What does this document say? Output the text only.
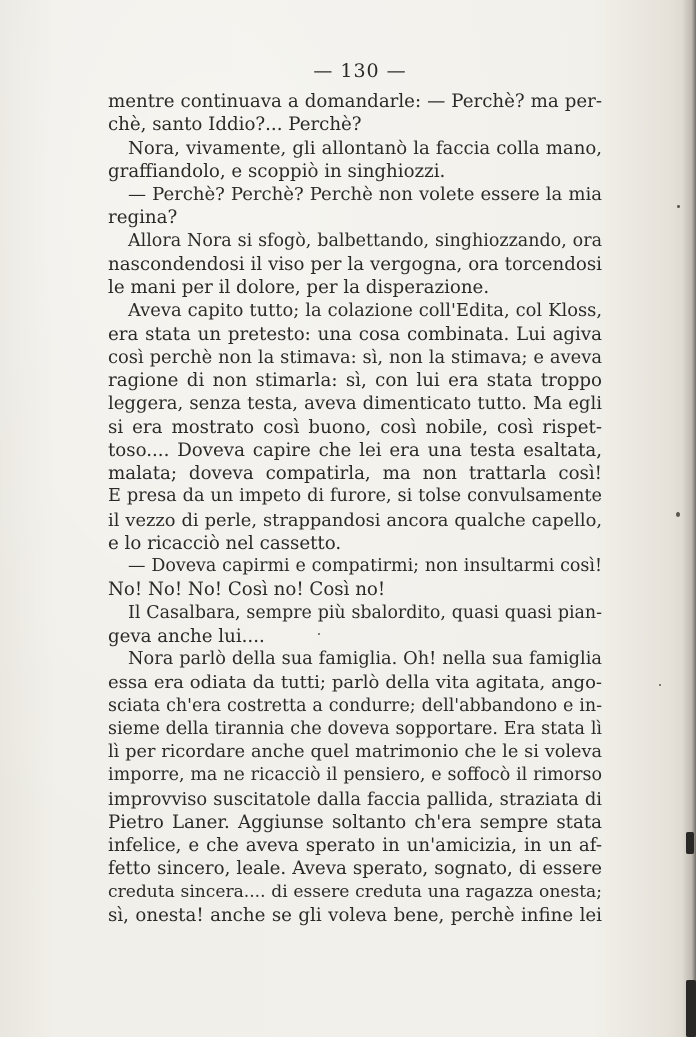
— 130 —
mentre continuava a domandarle: — Perchè? ma per-
chè, santo Iddio?... Perchè?
Nora, vivamente, gli allontanò la faccia colla mano,
graffiandolo, e scoppiò in singhiozzi.
— Perchè? Perchè? Perchè non volete essere la mia
regina?
Allora Nora si sfogò, balbettando, singhiozzando, ora
nascondendosi il viso per la vergogna, ora torcendosi
le mani per il dolore, per la disperazione.
Aveva capito tutto; la colazione coll'Edita, col Kloss,
era stata un pretesto: una cosa combinata. Lui agiva
così perchè non la stimava: sì, non la stimava; e aveva
ragione di non stimarla: sì, con lui era stata troppo
leggera, senza testa, aveva dimenticato tutto. Ma egli
si era mostrato così buono, così nobile, così rispet-
toso.... Doveva capire che lei era una testa esaltata,
malata; doveva compatirla, ma non trattarla così!
E presa da un impeto di furore, si tolse convulsamente
il vezzo di perle, strappandosi ancora qualche capello,
e lo ricacciò nel cassetto.
— Doveva capirmi e compatirmi; non insultarmi così!
No! No! No! Così no! Così no!
Il Casalbara, sempre più sbalordito, quasi quasi pian-
geva anche lui....
Nora parlò della sua famiglia. Oh! nella sua famiglia
essa era odiata da tutti; parlò della vita agitata, ango-
sciata ch'era costretta a condurre; dell'abbandono e in-
sieme della tirannia che doveva sopportare. Era stata lì
lì per ricordare anche quel matrimonio che le si voleva
imporre, ma ne ricacciò il pensiero, e soffocò il rimorso
improvviso suscitatole dalla faccia pallida, straziata di
Pietro Laner. Aggiunse soltanto ch'era sempre stata
infelice, e che aveva sperato in un'amicizia, in un af-
fetto sincero, leale. Aveva sperato, sognato, di essere
creduta sincera.... di essere creduta una ragazza onesta;
sì, onesta! anche se gli voleva bene, perchè infine lei
